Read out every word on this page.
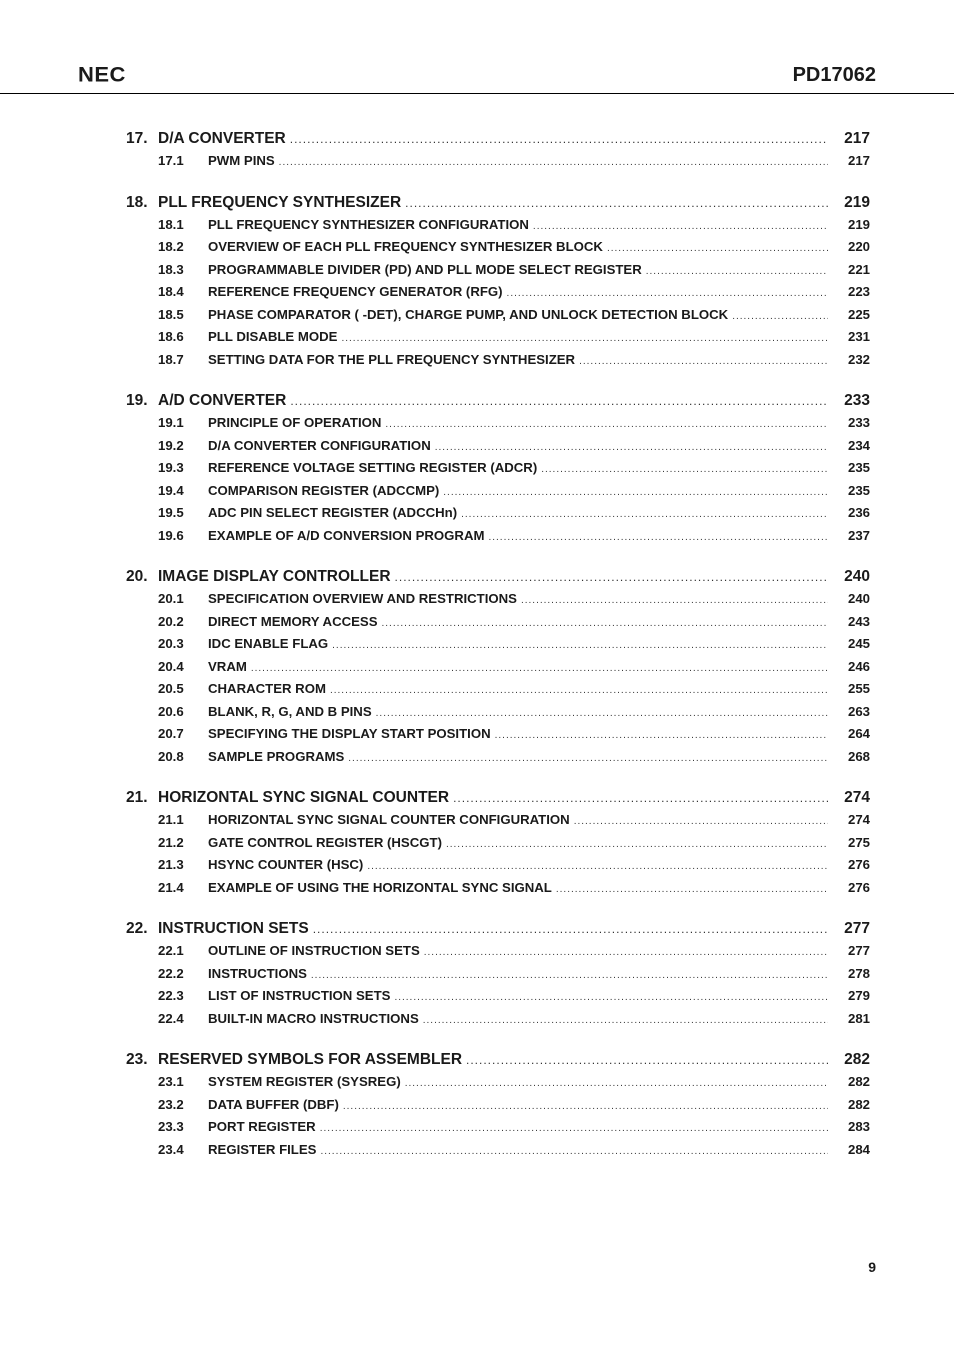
NEC	PD17062
17. D/A CONVERTER .....	217
17.1	PWM PINS .....	217
18. PLL FREQUENCY SYNTHESIZER .....	219
18.1	PLL FREQUENCY SYNTHESIZER CONFIGURATION .....	219
18.2	OVERVIEW OF EACH PLL FREQUENCY SYNTHESIZER BLOCK .....	220
18.3	PROGRAMMABLE DIVIDER (PD) AND PLL MODE SELECT REGISTER .....	221
18.4	REFERENCE FREQUENCY GENERATOR (RFG) .....	223
18.5	PHASE COMPARATOR ( -DET), CHARGE PUMP, AND UNLOCK DETECTION BLOCK .....	225
18.6	PLL DISABLE MODE .....	231
18.7	SETTING DATA FOR THE PLL FREQUENCY SYNTHESIZER .....	232
19. A/D CONVERTER .....	233
19.1	PRINCIPLE OF OPERATION .....	233
19.2	D/A CONVERTER CONFIGURATION .....	234
19.3	REFERENCE VOLTAGE SETTING REGISTER (ADCR) .....	235
19.4	COMPARISON REGISTER (ADCCMP) .....	235
19.5	ADC PIN SELECT REGISTER (ADCCHn) .....	236
19.6	EXAMPLE OF A/D CONVERSION PROGRAM .....	237
20. IMAGE DISPLAY CONTROLLER .....	240
20.1	SPECIFICATION OVERVIEW AND RESTRICTIONS .....	240
20.2	DIRECT MEMORY ACCESS .....	243
20.3	IDC ENABLE FLAG .....	245
20.4	VRAM .....	246
20.5	CHARACTER ROM .....	255
20.6	BLANK, R, G, AND B PINS .....	263
20.7	SPECIFYING THE DISPLAY START POSITION .....	264
20.8	SAMPLE PROGRAMS .....	268
21. HORIZONTAL SYNC SIGNAL COUNTER .....	274
21.1	HORIZONTAL SYNC SIGNAL COUNTER CONFIGURATION .....	274
21.2	GATE CONTROL REGISTER (HSCGT) .....	275
21.3	HSYNC COUNTER (HSC) .....	276
21.4	EXAMPLE OF USING THE HORIZONTAL SYNC SIGNAL .....	276
22. INSTRUCTION SETS .....	277
22.1	OUTLINE OF INSTRUCTION SETS .....	277
22.2	INSTRUCTIONS .....	278
22.3	LIST OF INSTRUCTION SETS .....	279
22.4	BUILT-IN MACRO INSTRUCTIONS .....	281
23. RESERVED SYMBOLS FOR ASSEMBLER .....	282
23.1	SYSTEM REGISTER (SYSREG) .....	282
23.2	DATA BUFFER (DBF) .....	282
23.3	PORT REGISTER .....	283
23.4	REGISTER FILES .....	284
9
